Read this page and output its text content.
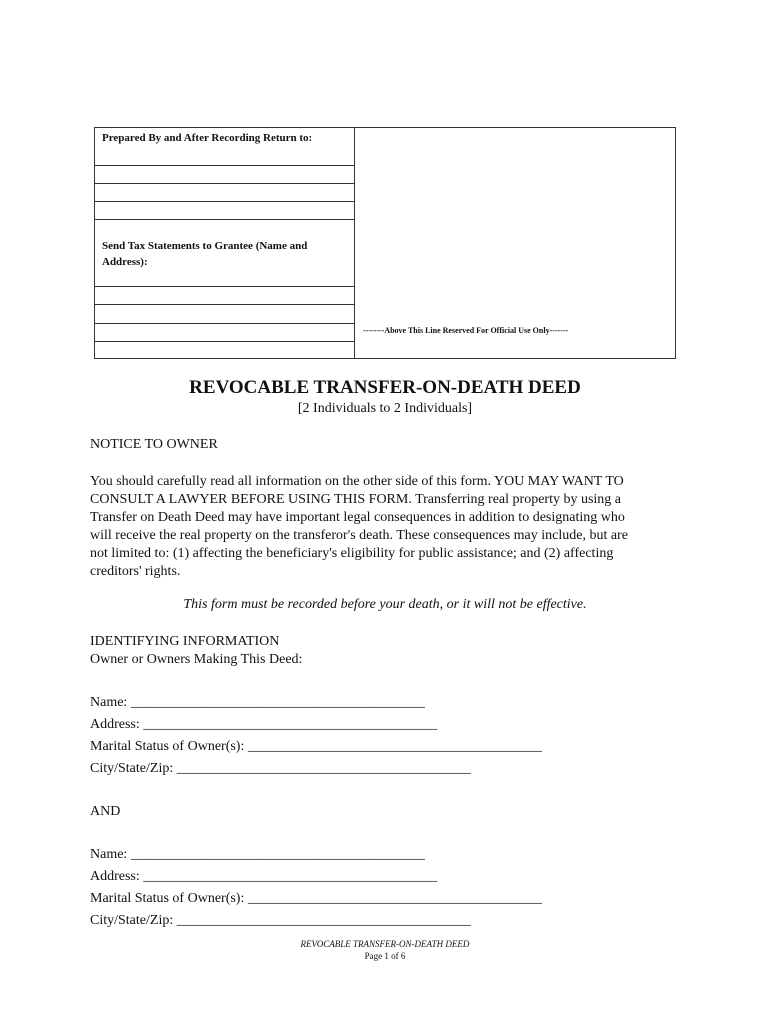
Prepared By and After Recording Return to:
Send Tax Statements to Grantee (Name and
Address):
--------Above This Line Reserved For Official Use Only-------
REVOCABLE TRANSFER-ON-DEATH DEED
[2 Individuals to 2 Individuals]
NOTICE TO OWNER
You should carefully read all information on the other side of this form. YOU MAY WANT TO
CONSULT A LAWYER BEFORE USING THIS FORM. Transferring real property by using a
Transfer on Death Deed may have important legal consequences in addition to designating who
will receive the real property on the transferor's death. These consequences may include, but are
not limited to: (1) affecting the beneficiary's eligibility for public assistance; and (2) affecting
creditors' rights.
This form must be recorded before your death, or it will not be effective.
IDENTIFYING INFORMATION
Owner or Owners Making This Deed:
Name: __________________________________________
Address: __________________________________________
Marital Status of Owner(s): __________________________________________
City/State/Zip: __________________________________________
AND
Name: __________________________________________
Address: __________________________________________
Marital Status of Owner(s): __________________________________________
City/State/Zip: __________________________________________
REVOCABLE TRANSFER-ON-DEATH DEED
Page 1 of 6
